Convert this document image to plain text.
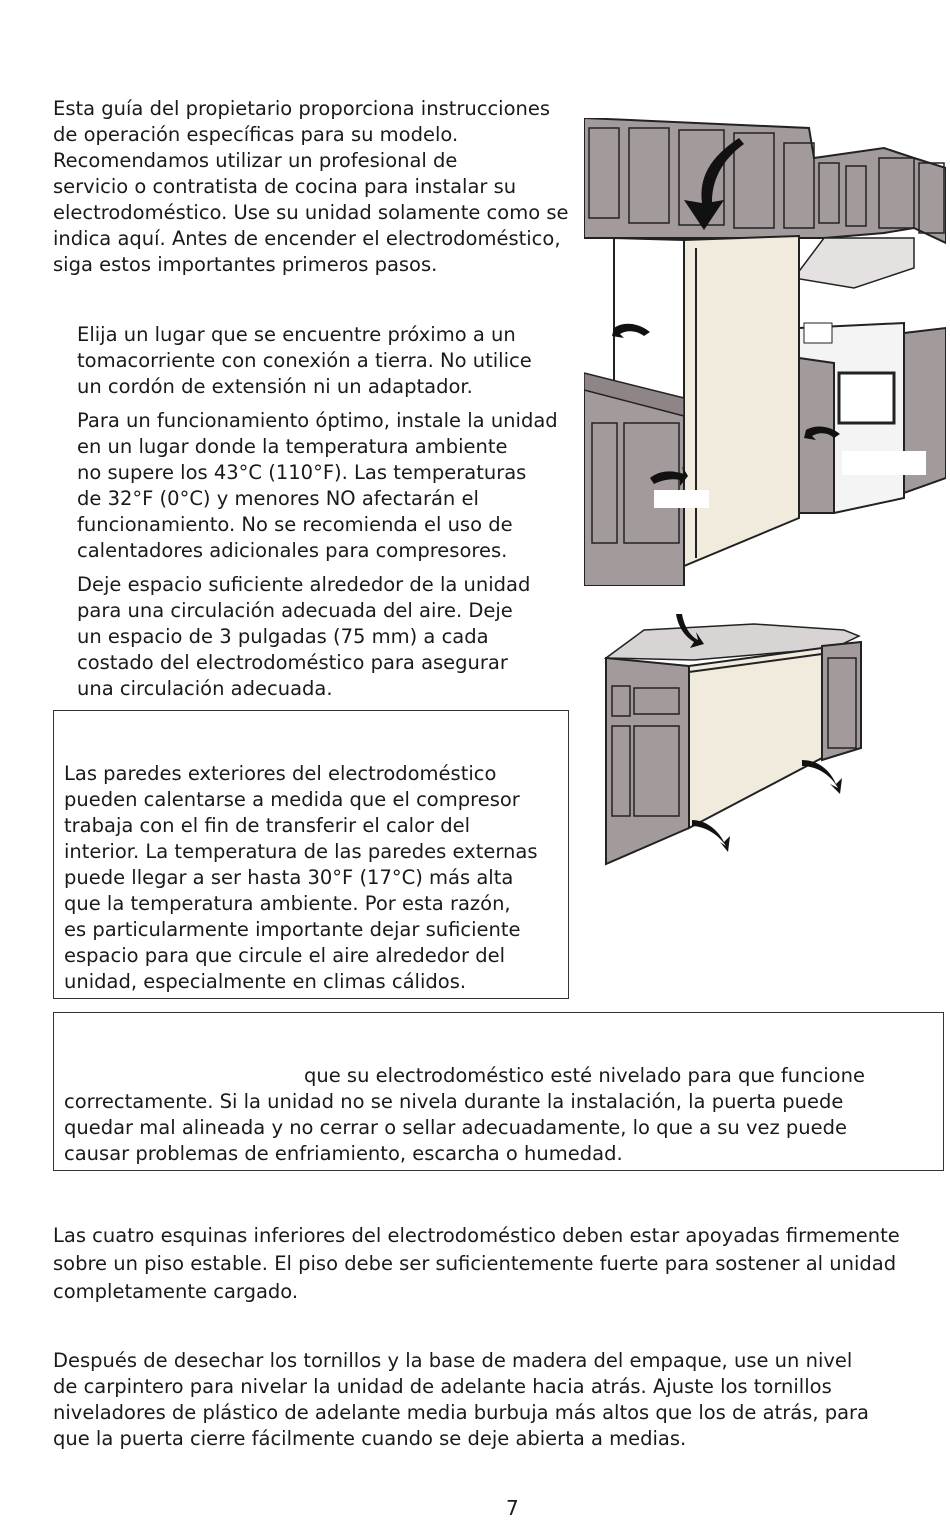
Esta guía del propietario proporciona instrucciones
de operación específicas para su modelo.
Recomendamos utilizar un profesional de
servicio o contratista de cocina para instalar su
electrodoméstico. Use su unidad solamente como se
indica aquí. Antes de encender el electrodoméstico,
siga estos importantes primeros pasos.
Elija un lugar que se encuentre próximo a un
tomacorriente con conexión a tierra. No utilice
un cordón de extensión ni un adaptador.
Para un funcionamiento óptimo, instale la unidad
en un lugar donde la temperatura ambiente
no supere los 43°C (110°F). Las temperaturas
de 32°F (0°C) y menores NO afectarán el
funcionamiento. No se recomienda el uso de
calentadores adicionales para compresores.
Deje espacio suficiente alrededor de la unidad
para una circulación adecuada del aire. Deje
un espacio de 3 pulgadas (75 mm) a cada
costado del electrodoméstico para asegurar
una circulación adecuada.
Las paredes exteriores del electrodoméstico
pueden calentarse a medida que el compresor
trabaja con el fin de transferir el calor del
interior. La temperatura de las paredes externas
puede llegar a ser hasta 30°F (17°C) más alta
que la temperatura ambiente. Por esta razón,
es particularmente importante dejar suficiente
espacio para que circule el aire alrededor del
unidad, especialmente en climas cálidos.
que su electrodoméstico esté nivelado para que funcione
correctamente. Si la unidad no se nivela durante la instalación, la puerta puede
quedar mal alineada y no cerrar o sellar adecuadamente, lo que a su vez puede
causar problemas de enfriamiento, escarcha o humedad.
Las cuatro esquinas inferiores del electrodoméstico deben estar apoyadas firmemente
sobre un piso estable. El piso debe ser suficientemente fuerte para sostener al unidad
completamente cargado.
Después de desechar los tornillos y la base de madera del empaque, use un nivel
de carpintero para nivelar la unidad de adelante hacia atrás. Ajuste los tornillos
niveladores de plástico de adelante media burbuja más altos que los de atrás, para
que la puerta cierre fácilmente cuando se deje abierta a medias.
7
